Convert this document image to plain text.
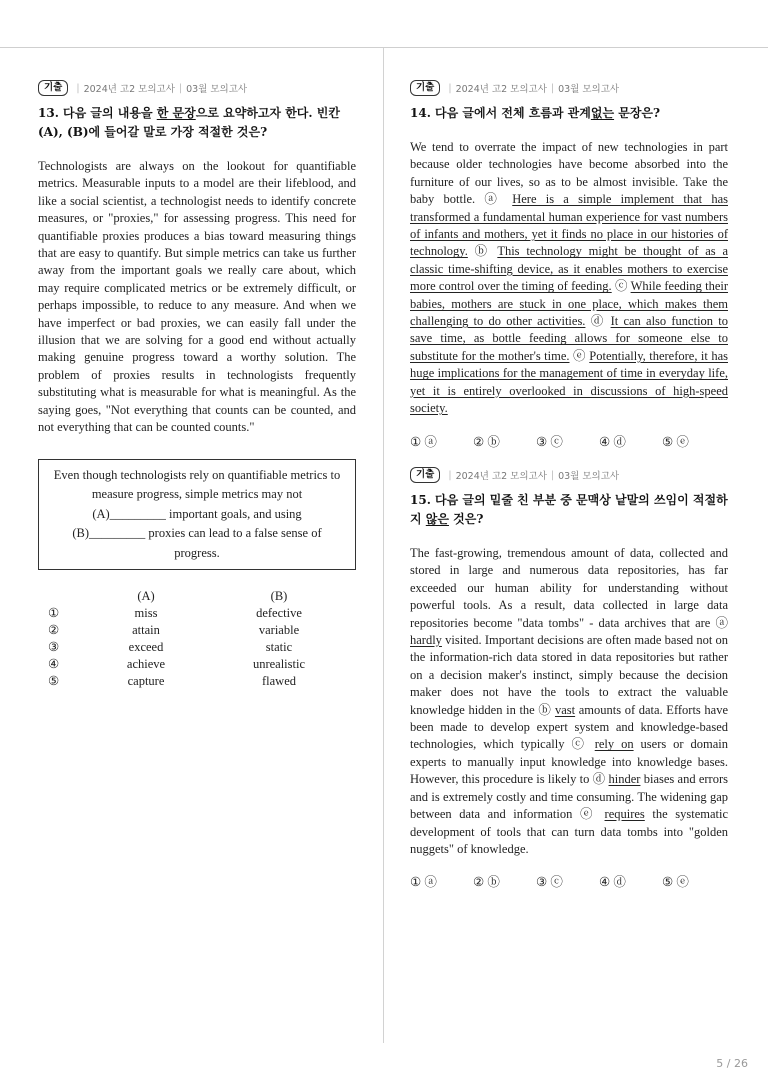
기출	| 2024년 고2 모의고사 | 03월 모의고사
13. 다음 글의 내용을 한 문장으로 요약하고자 한다. 빈칸 (A), (B)에 들어갈 말로 가장 적절한 것은?
Technologists are always on the lookout for quantifiable metrics. Measurable inputs to a model are their lifeblood, and like a social scientist, a technologist needs to identify concrete measures, or "proxies," for assessing progress. This need for quantifiable proxies produces a bias toward measuring things that are easy to quantify. But simple metrics can take us further away from the important goals we really care about, which may require complicated metrics or be extremely difficult, or perhaps impossible, to reduce to any measure. And when we have imperfect or bad proxies, we can easily fall under the illusion that we are solving for a good end without actually making genuine progress toward a worthy solution. The problem of proxies results in technologists frequently substituting what is measurable for what is meaningful. As the saying goes, "Not everything that counts can be counted, and not everything that can be counted counts."
Even though technologists rely on quantifiable metrics to measure progress, simple metrics may not
(A)_________ important goals, and using
(B)_________ proxies can lead to a false sense of progress.
(A)	(B)
①	miss	defective
②	attain	variable
③	exceed	static
④	achieve	unrealistic
⑤	capture	flawed
기출	| 2024년 고2 모의고사 | 03월 모의고사
14. 다음 글에서 전체 흐름과 관계없는 문장은?
We tend to overrate the impact of new technologies in part because older technologies have become absorbed into the furniture of our lives, so as to be almost invisible. Take the baby bottle. ⓐ Here is a simple implement that has transformed a fundamental human experience for vast numbers of infants and mothers, yet it finds no place in our histories of technology. ⓑ This technology might be thought of as a classic time-shifting device, as it enables mothers to exercise more control over the timing of feeding. ⓒ While feeding their babies, mothers are stuck in one place, which makes them challenging to do other activities. ⓓ It can also function to save time, as bottle feeding allows for someone else to substitute for the mother's time. ⓔ Potentially, therefore, it has huge implications for the management of time in everyday life, yet it is entirely overlooked in discussions of high-speed society.
① ⓐ	② ⓑ	③ ⓒ	④ ⓓ	⑤ ⓔ
기출	| 2024년 고2 모의고사 | 03월 모의고사
15. 다음 글의 밑줄 친 부분 중 문맥상 낱말의 쓰임이 적절하지 않은 것은?
The fast-growing, tremendous amount of data, collected and stored in large and numerous data repositories, has far exceeded our human ability for understanding without powerful tools. As a result, data collected in large data repositories become "data tombs" - data archives that are ⓐ hardly visited. Important decisions are often made based not on the information-rich data stored in data repositories but rather on a decision maker's instinct, simply because the decision maker does not have the tools to extract the valuable knowledge hidden in the ⓑ vast amounts of data. Efforts have been made to develop expert system and knowledge-based technologies, which typically ⓒ rely on users or domain experts to manually input knowledge into knowledge bases. However, this procedure is likely to ⓓ hinder biases and errors and is extremely costly and time consuming. The widening gap between data and information ⓔ requires the systematic development of tools that can turn data tombs into "golden nuggets" of knowledge.
① ⓐ	② ⓑ	③ ⓒ	④ ⓓ	⑤ ⓔ
5 / 26
